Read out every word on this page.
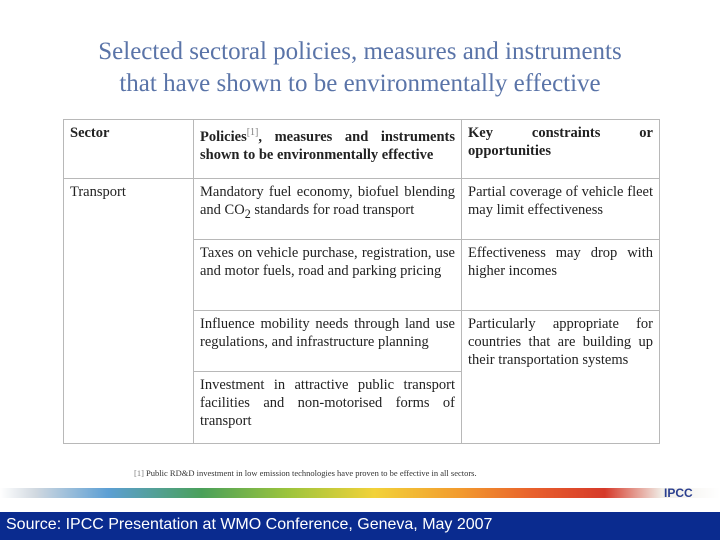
Selected sectoral policies, measures and instruments
that have shown to be environmentally effective
Sector	Policies[1], measures and instruments shown to be environmentally effective	Key constraints or opportunities
Transport	Mandatory fuel economy, biofuel blending and $CO_2$ standards for road transport	Partial coverage of vehicle fleet may limit effectiveness
	Taxes on vehicle purchase, registration, use and motor fuels, road and parking pricing	Effectiveness may drop with higher incomes
	Influence mobility needs through land use regulations, and infrastructure planning	Particularly appropriate for countries that are building up their transportation systems
	Investment in attractive public transport facilities and non-motorised forms of transport	
[1] Public RD&D investment in low emission technologies have proven to be effective in all sectors.
IPCC
Source: IPCC Presentation at WMO Conference, Geneva, May 2007
